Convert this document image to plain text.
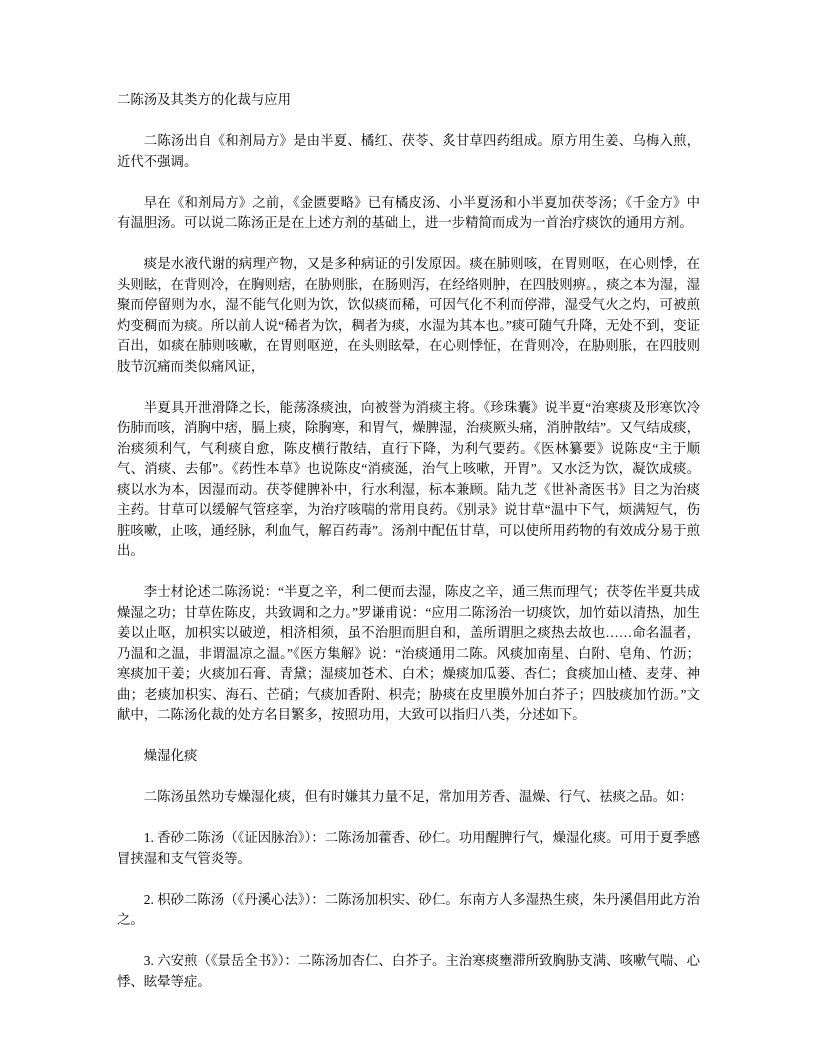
二陈汤及其类方的化裁与应用

二陈汤出自《和剂局方》是由半夏、橘红、茯苓、炙甘草四药组成。原方用生姜、乌梅入煎，近代不强调。

早在《和剂局方》之前，《金匮要略》已有橘皮汤、小半夏汤和小半夏加茯苓汤；《千金方》中有温胆汤。可以说二陈汤正是在上述方剂的基础上，进一步精简而成为一首治疗痰饮的通用方剂。

痰是水液代谢的病理产物，又是多种病证的引发原因。痰在肺则咳，在胃则呕，在心则悸，在头则眩，在背则冷，在胸则痞，在胁则胀，在肠则泻，在经络则肿，在四肢则痹。，痰之本为湿，湿聚而停留则为水，湿不能气化则为饮，饮似痰而稀，可因气化不利而停滞，湿受气火之灼，可被煎灼变稠而为痰。所以前人说“稀者为饮，稠者为痰，水湿为其本也。”痰可随气升降，无处不到，变证百出，如痰在肺则咳嗽，在胃则呕逆，在头则眩晕，在心则悸怔，在背则冷，在胁则胀，在四肢则肢节沉痛而类似痛风证，

半夏具开泄滑降之长，能荡涤痰浊，向被誉为消痰主将。《珍珠囊》说半夏“治寒痰及形寒饮冷伤肺而咳，消胸中痞，膈上痰，除胸寒，和胃气，燥脾湿，治痰厥头痛，消肿散结”。又气结成痰，治痰须利气，气利痰自愈，陈皮横行散结，直行下降，为利气要药。《医林纂要》说陈皮“主于顺气、消痰、去郁”。《药性本草》也说陈皮“消痰涎，治气上咳嗽，开胃”。又水泛为饮，凝饮成痰。痰以水为本，因湿而动。茯苓健脾补中，行水利湿，标本兼顾。陆九芝《世补斋医书》目之为治痰主药。甘草可以缓解气管痉挛，为治疗咳喘的常用良药。《别录》说甘草“温中下气，烦满短气，伤脏咳嗽，止咳，通经脉，利血气，解百药毒”。汤剂中配伍甘草，可以使所用药物的有效成分易于煎出。

李士材论述二陈汤说：“半夏之辛，利二便而去湿，陈皮之辛，通三焦而理气；茯苓佐半夏共成燥湿之功；甘草佐陈皮，共致调和之力。”罗谦甫说：“应用二陈汤治一切痰饮，加竹茹以清热，加生姜以止呕，加枳实以破逆，相济相须，虽不治胆而胆自和，盖所谓胆之痰热去故也……命名温者，乃温和之温，非谓温凉之温。”《医方集解》说：“治痰通用二陈。风痰加南星、白附、皂角、竹沥；寒痰加干姜；火痰加石膏、青黛；湿痰加苍术、白术；燥痰加瓜蒌、杏仁；食痰加山楂、麦芽、神曲；老痰加枳实、海石、芒硝；气痰加香附、枳壳；胁痰在皮里膜外加白芥子；四肢痰加竹沥。”文献中，二陈汤化裁的处方名目繁多，按照功用，大致可以指归八类，分述如下。

燥湿化痰

二陈汤虽然功专燥湿化痰，但有时嫌其力量不足，常加用芳香、温燥、行气、祛痰之品。如：

1. 香砂二陈汤（《证因脉治》）：二陈汤加藿香、砂仁。功用醒脾行气，燥湿化痰。可用于夏季感冒挟湿和支气管炎等。

2. 枳砂二陈汤（《丹溪心法》）：二陈汤加枳实、砂仁。东南方人多湿热生痰，朱丹溪倡用此方治之。

3. 六安煎（《景岳全书》）：二陈汤加杏仁、白芥子。主治寒痰壅滞所致胸胁支满、咳嗽气喘、心悸、眩晕等症。
